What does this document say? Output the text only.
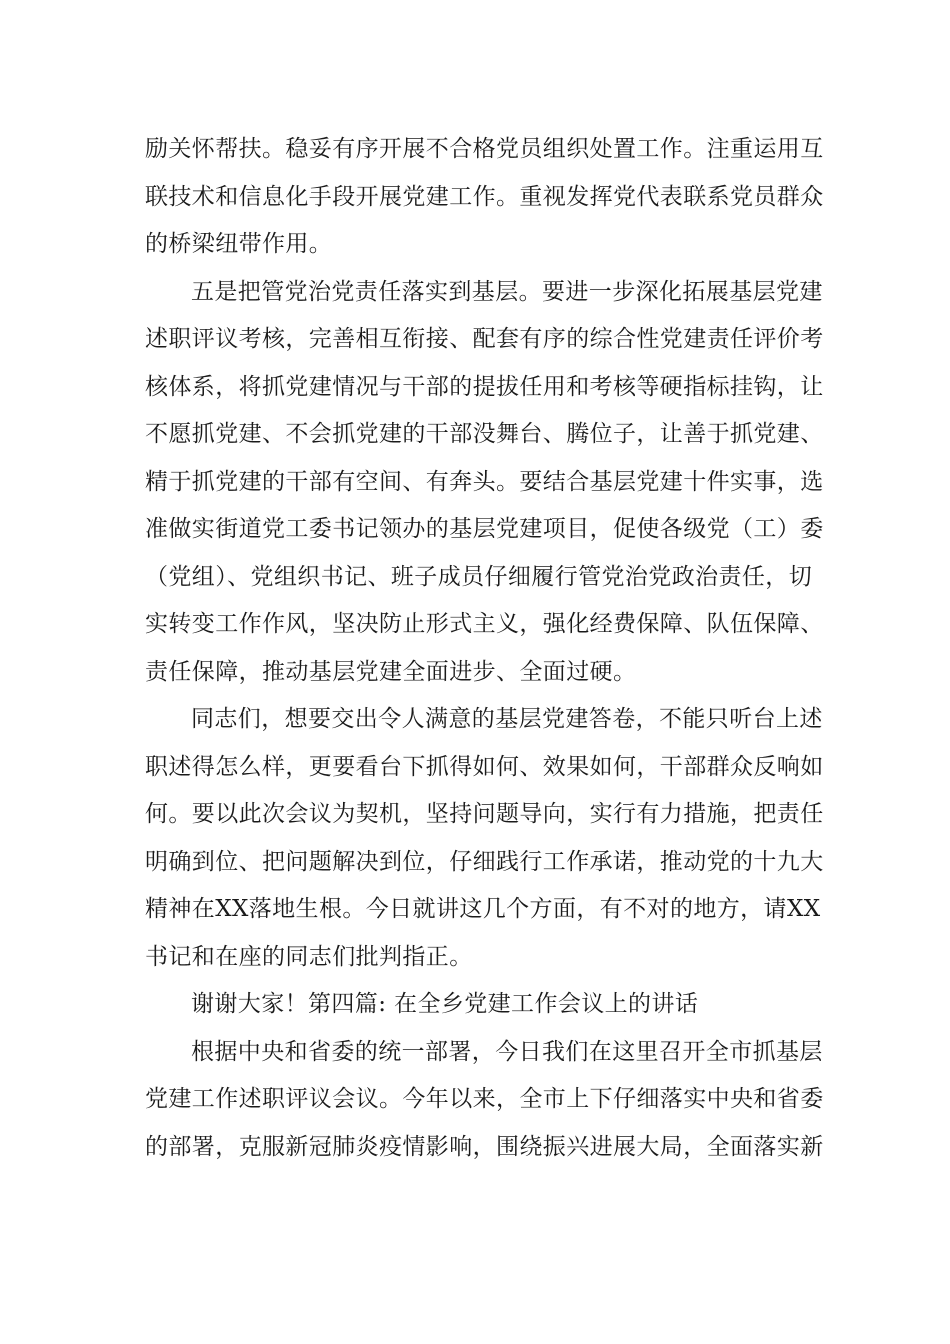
励关怀帮扶。稳妥有序开展不合格党员组织处置工作。注重运用互
联技术和信息化手段开展党建工作。重视发挥党代表联系党员群众
的桥梁纽带作用。

五是把管党治党责任落实到基层。要进一步深化拓展基层党建
述职评议考核，完善相互衔接、配套有序的综合性党建责任评价考
核体系，将抓党建情况与干部的提拔任用和考核等硬指标挂钩，让
不愿抓党建、不会抓党建的干部没舞台、腾位子，让善于抓党建、
精于抓党建的干部有空间、有奔头。要结合基层党建十件实事，选
准做实街道党工委书记领办的基层党建项目，促使各级党（工）委
（党组）、党组织书记、班子成员仔细履行管党治党政治责任，切
实转变工作作风，坚决防止形式主义，强化经费保障、队伍保障、
责任保障，推动基层党建全面进步、全面过硬。

同志们，想要交出令人满意的基层党建答卷，不能只听台上述
职述得怎么样，更要看台下抓得如何、效果如何，干部群众反响如
何。要以此次会议为契机，坚持问题导向，实行有力措施，把责任
明确到位、把问题解决到位，仔细践行工作承诺，推动党的十九大
精神在XX落地生根。今日就讲这几个方面，有不对的地方，请XX
书记和在座的同志们批判指正。

谢谢大家！第四篇: 在全乡党建工作会议上的讲话

根据中央和省委的统一部署，今日我们在这里召开全市抓基层
党建工作述职评议会议。今年以来，全市上下仔细落实中央和省委
的部署，克服新冠肺炎疫情影响，围绕振兴进展大局，全面落实新
